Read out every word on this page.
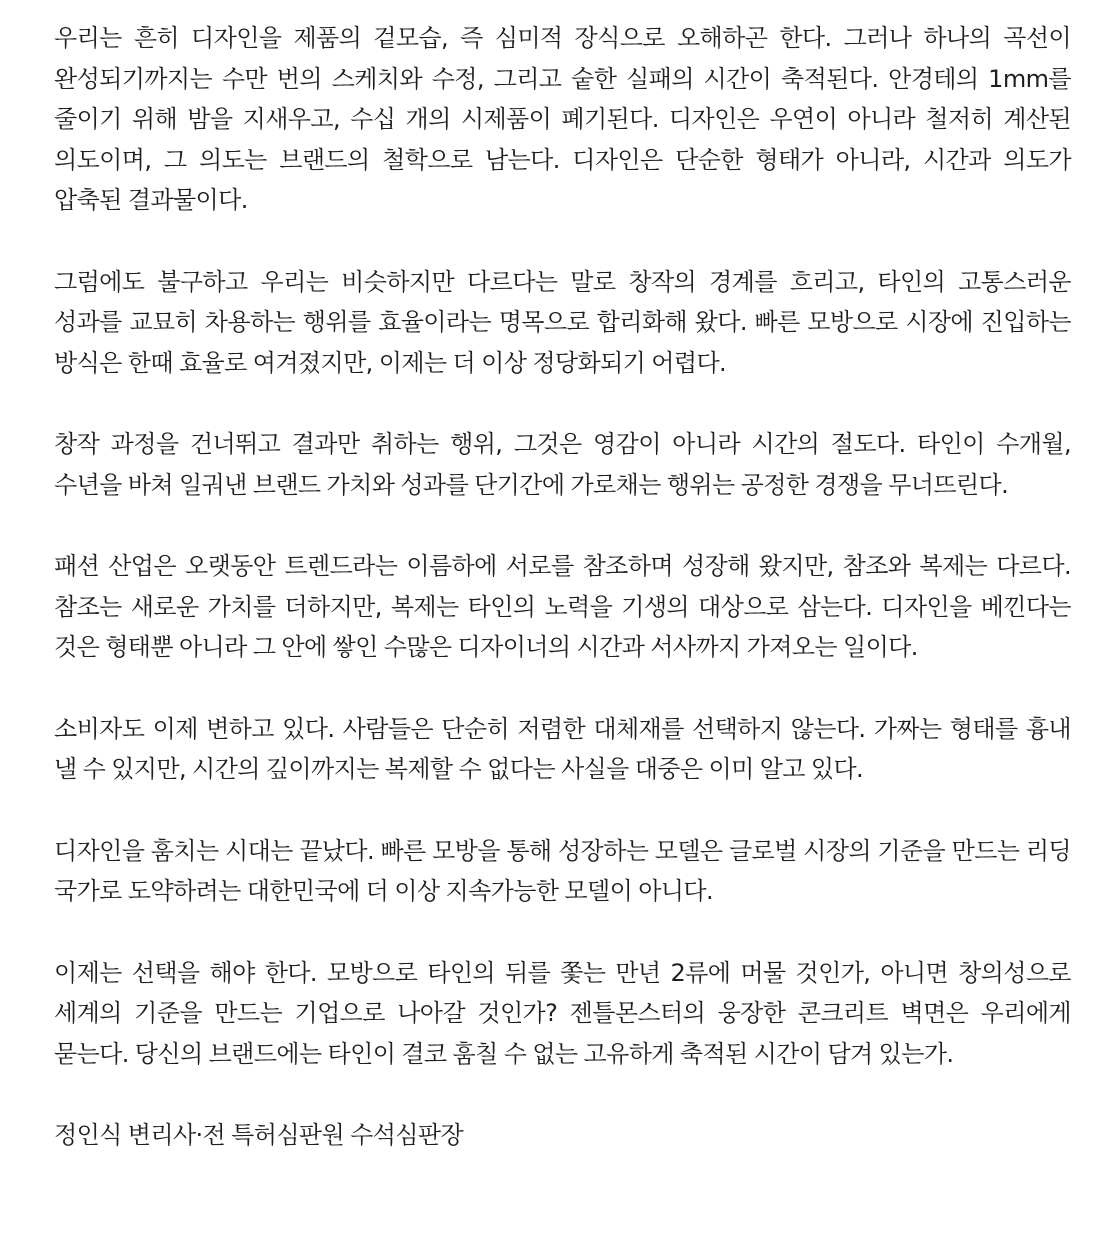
우리는 흔히 디자인을 제품의 겉모습, 즉 심미적 장식으로 오해하곤 한다. 그러나 하나의 곡선이 완성되기까지는 수만 번의 스케치와 수정, 그리고 숱한 실패의 시간이 축적된다. 안경테의 1mm를 줄이기 위해 밤을 지새우고, 수십 개의 시제품이 폐기된다. 디자인은 우연이 아니라 철저히 계산된 의도이며, 그 의도는 브랜드의 철학으로 남는다. 디자인은 단순한 형태가 아니라, 시간과 의도가 압축된 결과물이다.

그럼에도 불구하고 우리는 비슷하지만 다르다는 말로 창작의 경계를 흐리고, 타인의 고통스러운 성과를 교묘히 차용하는 행위를 효율이라는 명목으로 합리화해 왔다. 빠른 모방으로 시장에 진입하는 방식은 한때 효율로 여겨졌지만, 이제는 더 이상 정당화되기 어렵다.

창작 과정을 건너뛰고 결과만 취하는 행위, 그것은 영감이 아니라 시간의 절도다. 타인이 수개월, 수년을 바쳐 일궈낸 브랜드 가치와 성과를 단기간에 가로채는 행위는 공정한 경쟁을 무너뜨린다.

패션 산업은 오랫동안 트렌드라는 이름하에 서로를 참조하며 성장해 왔지만, 참조와 복제는 다르다. 참조는 새로운 가치를 더하지만, 복제는 타인의 노력을 기생의 대상으로 삼는다. 디자인을 베낀다는 것은 형태뿐 아니라 그 안에 쌓인 수많은 디자이너의 시간과 서사까지 가져오는 일이다.

소비자도 이제 변하고 있다. 사람들은 단순히 저렴한 대체재를 선택하지 않는다. 가짜는 형태를 흉내 낼 수 있지만, 시간의 깊이까지는 복제할 수 없다는 사실을 대중은 이미 알고 있다.

디자인을 훔치는 시대는 끝났다. 빠른 모방을 통해 성장하는 모델은 글로벌 시장의 기준을 만드는 리딩 국가로 도약하려는 대한민국에 더 이상 지속가능한 모델이 아니다.

이제는 선택을 해야 한다. 모방으로 타인의 뒤를 쫓는 만년 2류에 머물 것인가, 아니면 창의성으로 세계의 기준을 만드는 기업으로 나아갈 것인가? 젠틀몬스터의 웅장한 콘크리트 벽면은 우리에게 묻는다. 당신의 브랜드에는 타인이 결코 훔칠 수 없는 고유하게 축적된 시간이 담겨 있는가.

정인식 변리사·전 특허심판원 수석심판장
